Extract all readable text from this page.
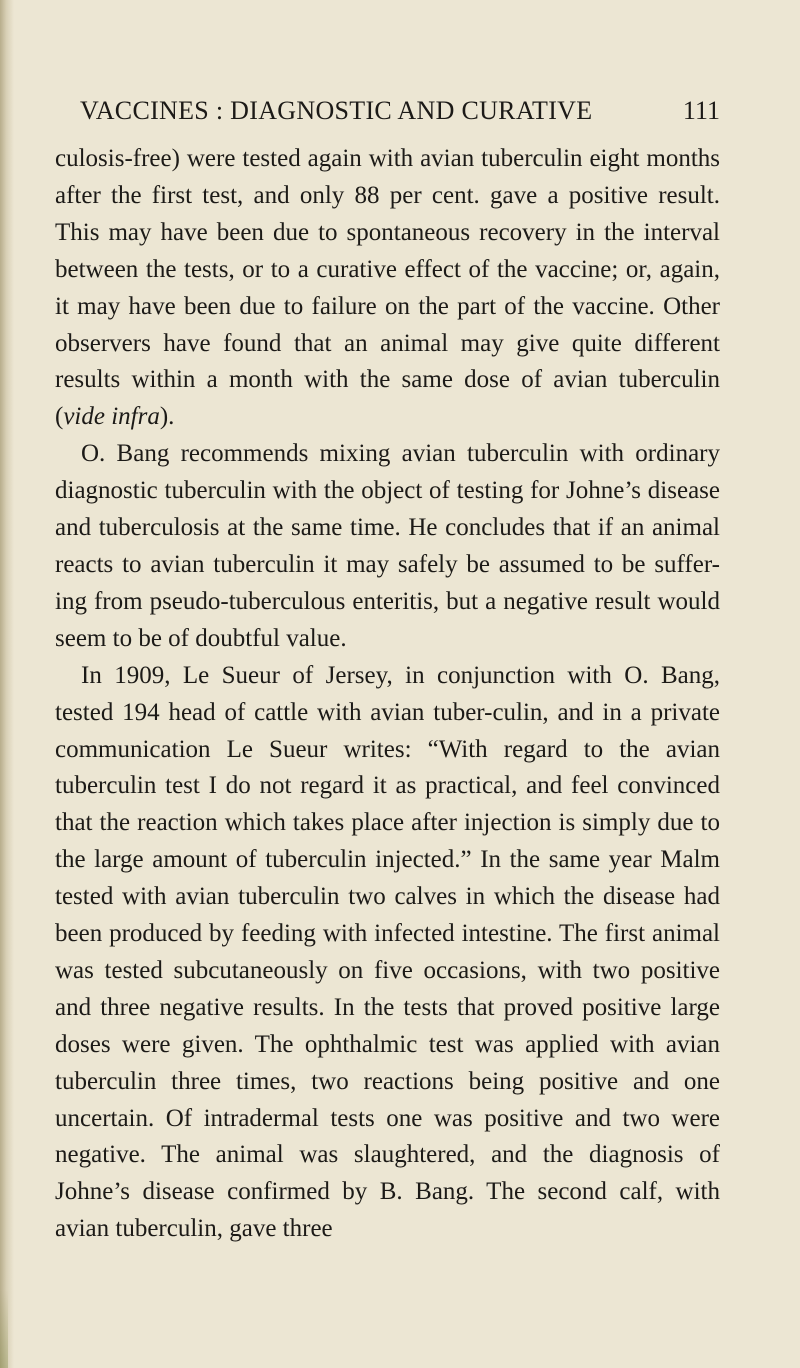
VACCINES : DIAGNOSTIC AND CURATIVE	111

culosis-free) were tested again with avian tuberculin eight months after the first test, and only 88 per cent. gave a positive result. This may have been due to spontaneous recovery in the interval between the tests, or to a curative effect of the vaccine; or, again, it may have been due to failure on the part of the vaccine. Other observers have found that an animal may give quite different results within a month with the same dose of avian tuberculin (vide infra).

O. Bang recommends mixing avian tuberculin with ordinary diagnostic tuberculin with the object of testing for Johne’s disease and tuberculosis at the same time. He concludes that if an animal reacts to avian tuberculin it may safely be assumed to be suffer-ing from pseudo-tuberculous enteritis, but a negative result would seem to be of doubtful value.

In 1909, Le Sueur of Jersey, in conjunction with O. Bang, tested 194 head of cattle with avian tuber-culin, and in a private communication Le Sueur writes: “With regard to the avian tuberculin test I do not regard it as practical, and feel convinced that the reaction which takes place after injection is simply due to the large amount of tuberculin injected.” In the same year Malm tested with avian tuberculin two calves in which the disease had been produced by feeding with infected intestine. The first animal was tested subcutaneously on five occasions, with two positive and three negative results. In the tests that proved positive large doses were given. The ophthalmic test was applied with avian tuberculin three times, two reactions being positive and one uncertain. Of intradermal tests one was positive and two were negative. The animal was slaughtered, and the diagnosis of Johne’s disease confirmed by B. Bang. The second calf, with avian tuberculin, gave three
